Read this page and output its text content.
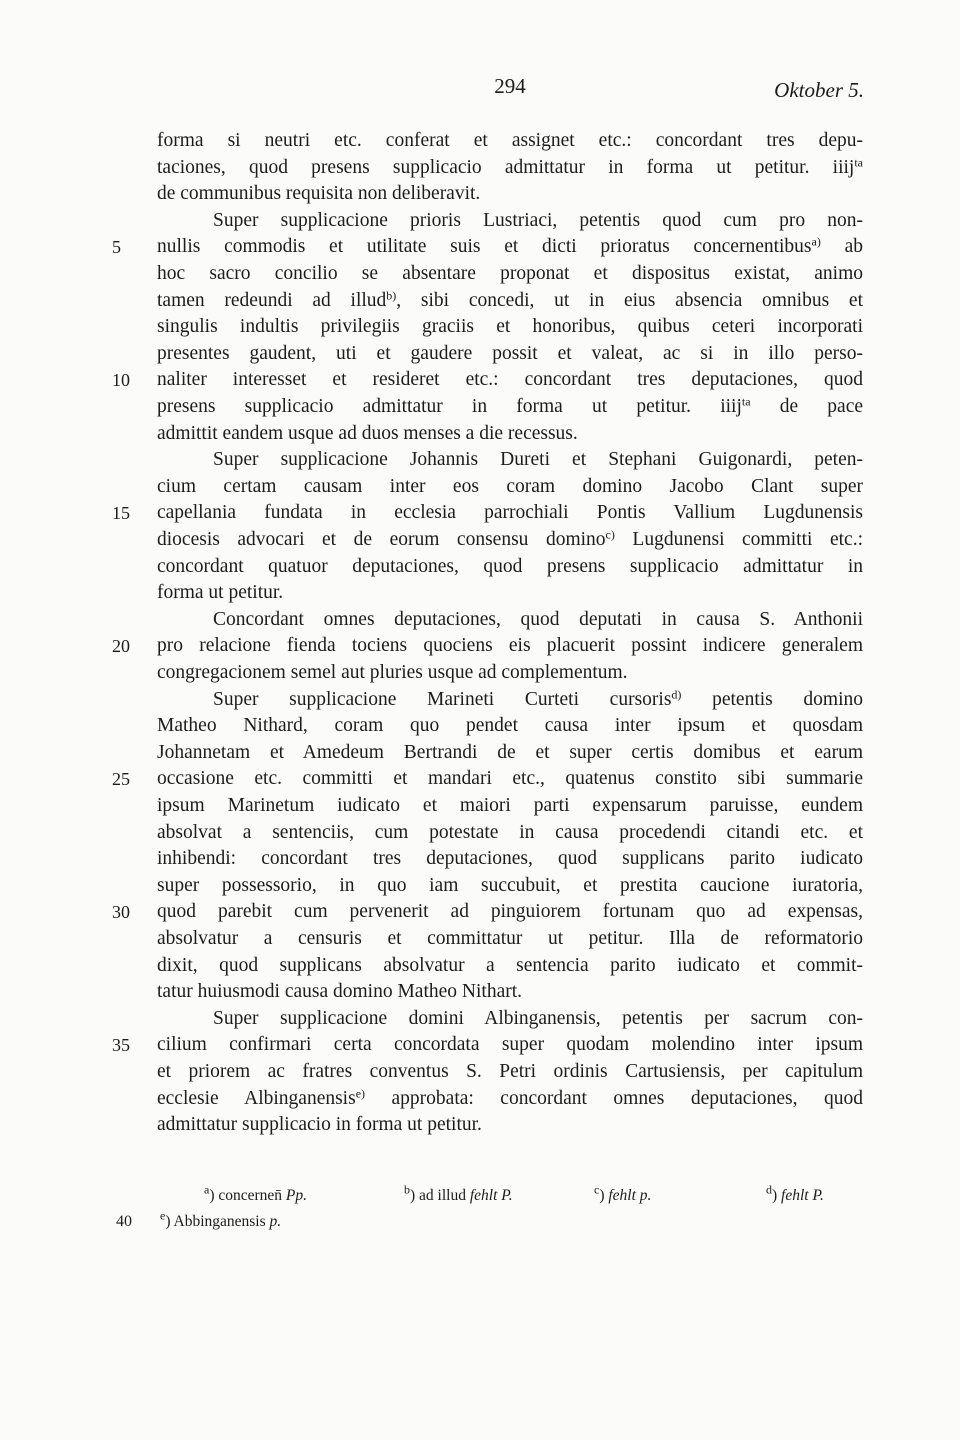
294	Oktober 5.
forma si neutri etc. conferat et assignet etc.: concordant tres depu-
taciones, quod presens supplicacio admittatur in forma ut petitur. iiij$^{ta}$
de communibus requisita non deliberavit.
Super supplicacione prioris Lustriaci, petentis quod cum pro non-
5	nullis commodis et utilitate suis et dicti prioratus concernentibus$^{a)}$ ab
hoc sacro concilio se absentare proponat et dispositus existat, animo
tamen redeundi ad illud$^{b)}$, sibi concedi, ut in eius absencia omnibus et
singulis indultis privilegiis graciis et honoribus, quibus ceteri incorporati
presentes gaudent, uti et gaudere possit et valeat, ac si in illo perso-
10	naliter interesset et resideret etc.: concordant tres deputaciones, quod
presens supplicacio admittatur in forma ut petitur. iiij$^{ta}$ de pace
admittit eandem usque ad duos menses a die recessus.
Super supplicacione Johannis Dureti et Stephani Guigonardi, peten-
cium certam causam inter eos coram domino Jacobo Clant super
15	capellania fundata in ecclesia parrochiali Pontis Vallium Lugdunensis
diocesis advocari et de eorum consensu domino$^{c)}$ Lugdunensi committi etc.:
concordant quatuor deputaciones, quod presens supplicacio admittatur in
forma ut petitur.
Concordant omnes deputaciones, quod deputati in causa S. Anthonii
20	pro relacione fienda tociens quociens eis placuerit possint indicere generalem
congregacionem semel aut pluries usque ad complementum.
Super supplicacione Marineti Curteti cursoris$^{d)}$ petentis domino
Matheo Nithard, coram quo pendet causa inter ipsum et quosdam
Johannetam et Amedeum Bertrandi de et super certis domibus et earum
25	occasione etc. committi et mandari etc., quatenus constito sibi summarie
ipsum Marinetum iudicato et maiori parti expensarum paruisse, eundem
absolvat a sentenciis, cum potestate in causa procedendi citandi etc. et
inhibendi: concordant tres deputaciones, quod supplicans parito iudicato
super possessorio, in quo iam succubuit, et prestita caucione iuratoria,
30	quod parebit cum pervenerit ad pinguiorem fortunam quo ad expensas,
absolvatur a censuris et committatur ut petitur. Illa de reformatorio
dixit, quod supplicans absolvatur a sentencia parito iudicato et commit-
tatur huiusmodi causa domino Matheo Nithart.
Super supplicacione domini Albinganensis, petentis per sacrum con-
35	cilium confirmari certa concordata super quodam molendino inter ipsum
et priorem ac fratres conventus S. Petri ordinis Cartusiensis, per capitulum
ecclesie Albinganensis$^{e)}$ approbata: concordant omnes deputaciones, quod
admittatur supplicacio in forma ut petitur.
$^a$) concernen̄ Pp.	$^b$) ad illud fehlt P.	$^c$) fehlt p.	$^d$) fehlt P.
40 $^e$) Abbinganensis p.
